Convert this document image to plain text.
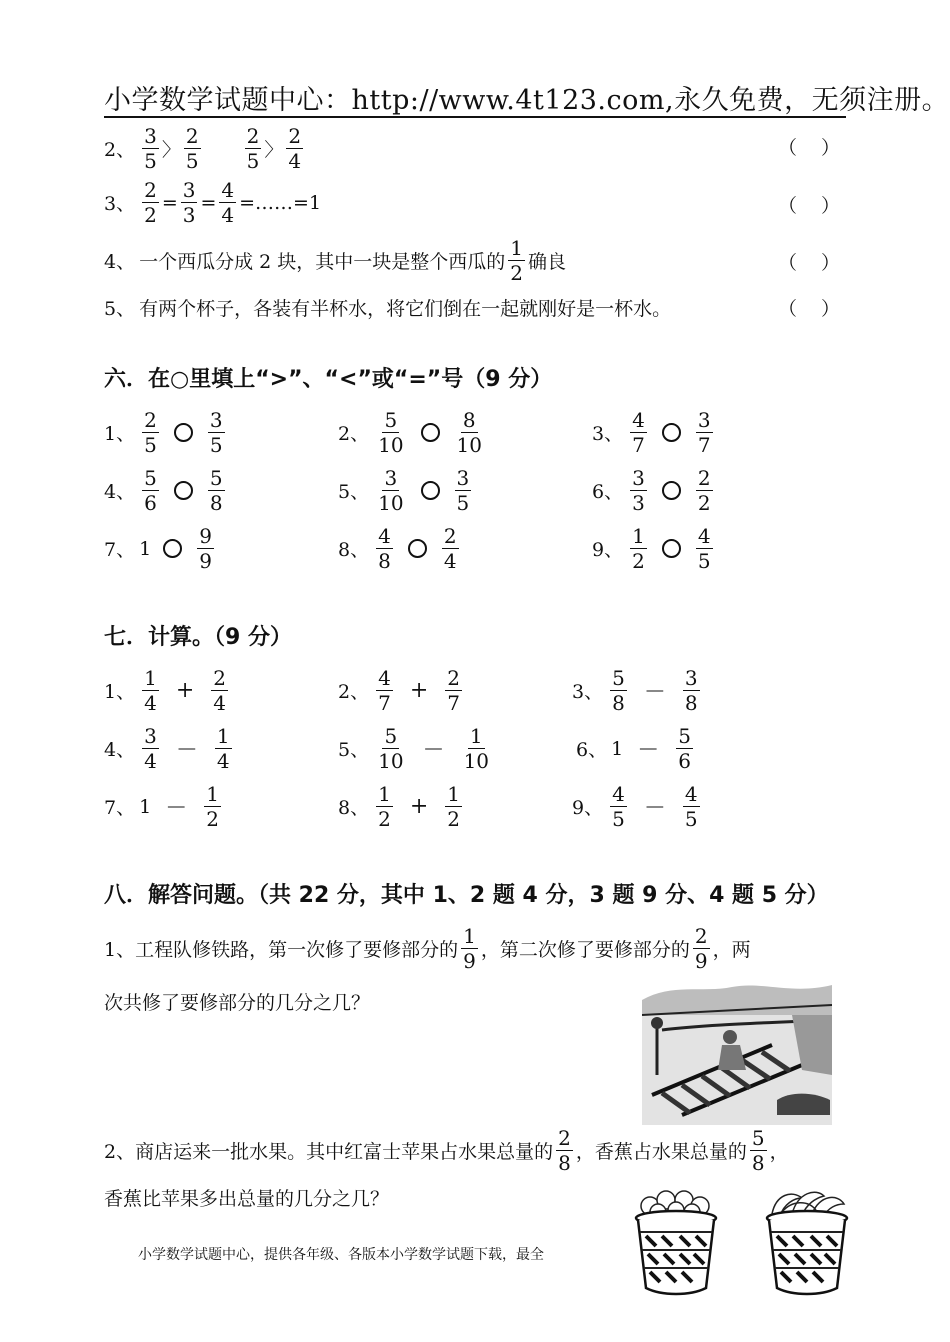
小学数学试题中心：http://www.4t123.com,永久免费，无须注册。
2、 $\frac{3}{5}$ 〉 $\frac{2}{5} \frac{2}{5}$ 〉 $\frac{2}{4}$	（ ）
3、 $\frac{2}{2} = \frac{3}{3} = \frac{4}{4}$ =……=1	（ ）
4、 一个西瓜分成 2 块，其中一块是整个西瓜的 $\frac{1}{2}$ 确良	（ ）
5、 有两个杯子，各装有半杯水，将它们倒在一起就刚好是一杯水。	（ ）
六．在○里填上“>”、“<”或“=”号（9 分）
1、 $\frac{2}{5} \frac{3}{5}$	2、 $\frac{5}{10} \frac{8}{10}$	3、 $\frac{4}{7} \frac{3}{7}$
4、 $\frac{5}{6} \frac{5}{8}$	5、 $\frac{3}{10} \frac{3}{5}$	6、 $\frac{3}{3} \frac{2}{2}$
7、 $1 \frac{9}{9}$	8、 $\frac{4}{8} \frac{2}{4}$	9、 $\frac{1}{2} \frac{4}{5}$
七．计算。（9 分）
1、 $\frac{1}{4} + \frac{2}{4}$	2、 $\frac{4}{7} + \frac{2}{7}$	3、 $\frac{5}{8} - \frac{3}{8}$
4、 $\frac{3}{4} - \frac{1}{4}$	5、 $\frac{5}{10} - \frac{1}{10}$	6、 $1 - \frac{5}{6}$
7、 $1 - \frac{1}{2}$	8、 $\frac{1}{2} + \frac{1}{2}$	9、 $\frac{4}{5} - \frac{4}{5}$
八．解答问题。（共 22 分，其中 1、2 题 4 分，3 题 9 分、4 题 5 分）
1、工程队修铁路，第一次修了要修部分的 $\frac{1}{9}$ ，第二次修了要修部分的 $\frac{2}{9}$ ，两
次共修了要修部分的几分之几？
2、商店运来一批水果。其中红富士苹果占水果总量的 $\frac{2}{8}$ ，香蕉占水果总量的 $\frac{5}{8}$ ，
香蕉比苹果多出总量的几分之几？
小学数学试题中心，提供各年级、各版本小学数学试题下载，最全
